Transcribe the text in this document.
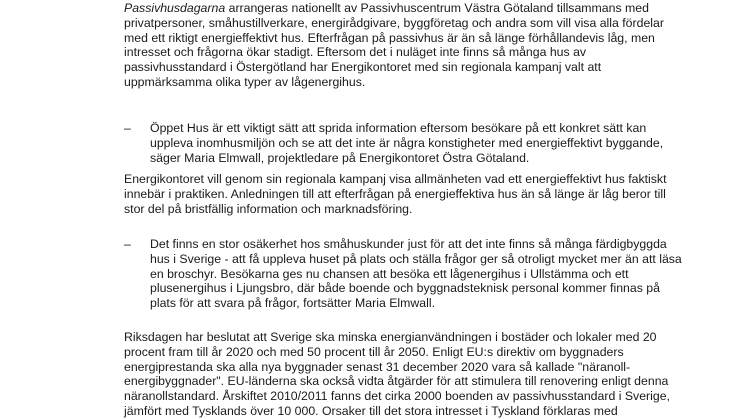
Passivhusdagarna arrangeras nationellt av Passivhuscentrum Västra Götaland tillsammans med
privatpersoner, småhustillverkare, energirådgivare, byggföretag och andra som vill visa alla fördelar
med ett riktigt energieffektivt hus. Efterfrågan på passivhus är än så länge förhållandevis låg, men
intresset och frågorna ökar stadigt. Eftersom det i nuläget inte finns så många hus av
passivhusstandard i Östergötland har Energikontoret med sin regionala kampanj valt att
uppmärksamma olika typer av lågenergihus.
– Öppet Hus är ett viktigt sätt att sprida information eftersom besökare på ett konkret sätt kan
uppleva inomhusmiljön och se att det inte är några konstigheter med energieffektivt byggande,
säger Maria Elmwall, projektledare på Energikontoret Östra Götaland.
Energikontoret vill genom sin regionala kampanj visa allmänheten vad ett energieffektivt hus faktiskt
innebär i praktiken. Anledningen till att efterfrågan på energieffektiva hus än så länge är låg beror till
stor del på bristfällig information och marknadsföring.
– Det finns en stor osäkerhet hos småhuskunder just för att det inte finns så många färdigbyggda
hus i Sverige - att få uppleva huset på plats och ställa frågor ger så otroligt mycket mer än att läsa
en broschyr. Besökarna ges nu chansen att besöka ett lågenergihus i Ullstämma och ett
plusenergihus i Ljungsbro, där både boende och byggnadsteknisk personal kommer finnas på
plats för att svara på frågor, fortsätter Maria Elmwall.
Riksdagen har beslutat att Sverige ska minska energianvändningen i bostäder och lokaler med 20
procent fram till år 2020 och med 50 procent till år 2050. Enligt EU:s direktiv om byggnaders
energiprestanda ska alla nya byggnader senast 31 december 2020 vara så kallade "näranoll-
energibyggnader". EU-länderna ska också vidta åtgärder för att stimulera till renovering enligt denna
näranollstandard. Årskiftet 2010/2011 fanns det cirka 2000 boenden av passivhusstandard i Sverige,
jämfört med Tysklands över 10 000. Orsaker till det stora intresset i Tyskland förklaras med
